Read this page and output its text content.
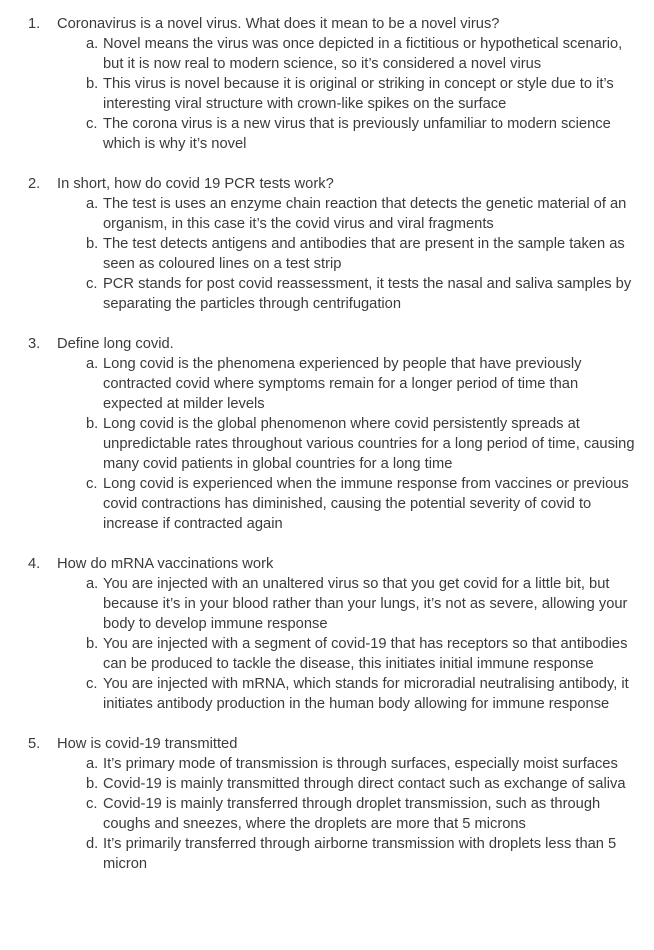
1.	Coronavirus is a novel virus. What does it mean to be a novel virus?
a. Novel means the virus was once depicted in a fictitious or hypothetical scenario, but it is now real to modern science, so it’s considered a novel virus
b. This virus is novel because it is original or striking in concept or style due to it’s interesting viral structure with crown-like spikes on the surface
c. The corona virus is a new virus that is previously unfamiliar to modern science which is why it’s novel
2.	In short, how do covid 19 PCR tests work?
a. The test is uses an enzyme chain reaction that detects the genetic material of an organism, in this case it’s the covid virus and viral fragments
b. The test detects antigens and antibodies that are present in the sample taken as seen as coloured lines on a test strip
c. PCR stands for post covid reassessment, it tests the nasal and saliva samples by separating the particles through centrifugation
3.	Define long covid.
a. Long covid is the phenomena experienced by people that have previously contracted covid where symptoms remain for a longer period of time than expected at milder levels
b. Long covid is the global phenomenon where covid persistently spreads at unpredictable rates throughout various countries for a long period of time, causing many covid patients in global countries for a long time
c. Long covid is experienced when the immune response from vaccines or previous covid contractions has diminished, causing the potential severity of covid to increase if contracted again
4.	How do mRNA vaccinations work
a. You are injected with an unaltered virus so that you get covid for a little bit, but because it’s in your blood rather than your lungs, it’s not as severe, allowing your body to develop immune response
b. You are injected with a segment of covid-19 that has receptors so that antibodies can be produced to tackle the disease, this initiates initial immune response
c. You are injected with mRNA, which stands for microradial neutralising antibody, it initiates antibody production in the human body allowing for immune response
5.	How is covid-19 transmitted
a. It’s primary mode of transmission is through surfaces, especially moist surfaces
b. Covid-19 is mainly transmitted through direct contact such as exchange of saliva
c. Covid-19 is mainly transferred through droplet transmission, such as through coughs and sneezes, where the droplets are more that 5 microns
d. It’s primarily transferred through airborne transmission with droplets less than 5 micron
